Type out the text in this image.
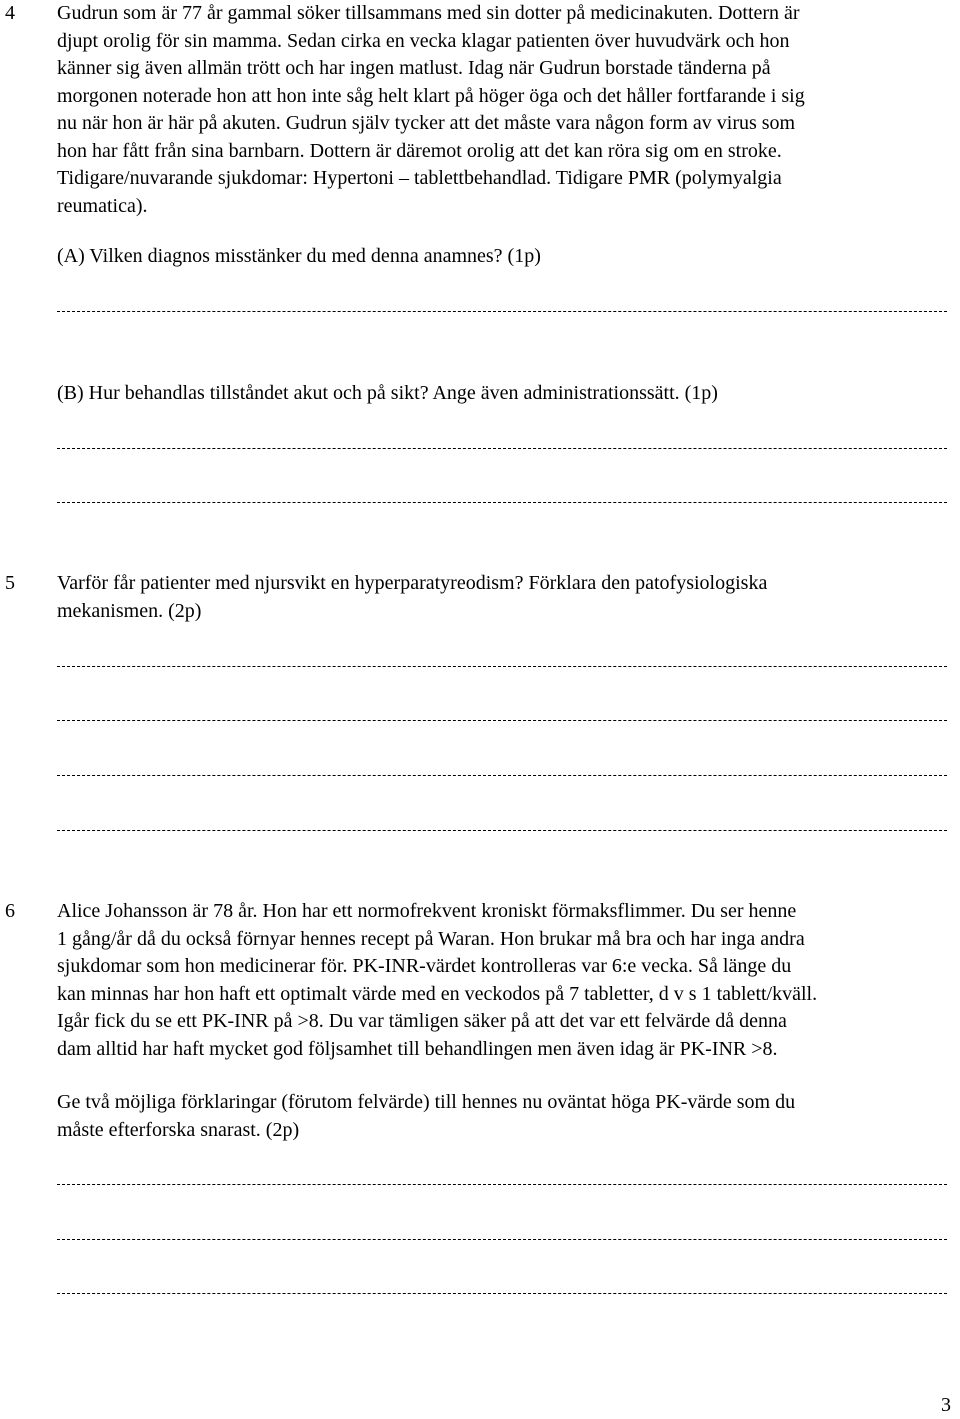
4 Gudrun som är 77 år gammal söker tillsammans med sin dotter på medicinakuten. Dottern är
djupt orolig för sin mamma. Sedan cirka en vecka klagar patienten över huvudvärk och hon
känner sig även allmän trött och har ingen matlust. Idag när Gudrun borstade tänderna på
morgonen noterade hon att hon inte såg helt klart på höger öga och det håller fortfarande i sig
nu när hon är här på akuten. Gudrun själv tycker att det måste vara någon form av virus som
hon har fått från sina barnbarn. Dottern är däremot orolig att det kan röra sig om en stroke.
Tidigare/nuvarande sjukdomar: Hypertoni – tablettbehandlad. Tidigare PMR (polymyalgia
reumatica).
(A) Vilken diagnos misstänker du med denna anamnes? (1p)
(B) Hur behandlas tillståndet akut och på sikt? Ange även administrationssätt. (1p)
5 Varför får patienter med njursvikt en hyperparatyreodism? Förklara den patofysiologiska
mekanismen. (2p)
6 Alice Johansson är 78 år. Hon har ett normofrekvent kroniskt förmaksflimmer. Du ser henne
1 gång/år då du också förnyar hennes recept på Waran. Hon brukar må bra och har inga andra
sjukdomar som hon medicinerar för. PK-INR-värdet kontrolleras var 6:e vecka. Så länge du
kan minnas har hon haft ett optimalt värde med en veckodos på 7 tabletter, d v s 1 tablett/kväll.
Igår fick du se ett PK-INR på >8. Du var tämligen säker på att det var ett felvärde då denna
dam alltid har haft mycket god följsamhet till behandlingen men även idag är PK-INR >8.
Ge två möjliga förklaringar (förutom felvärde) till hennes nu oväntat höga PK-värde som du
måste efterforska snarast. (2p)
3
